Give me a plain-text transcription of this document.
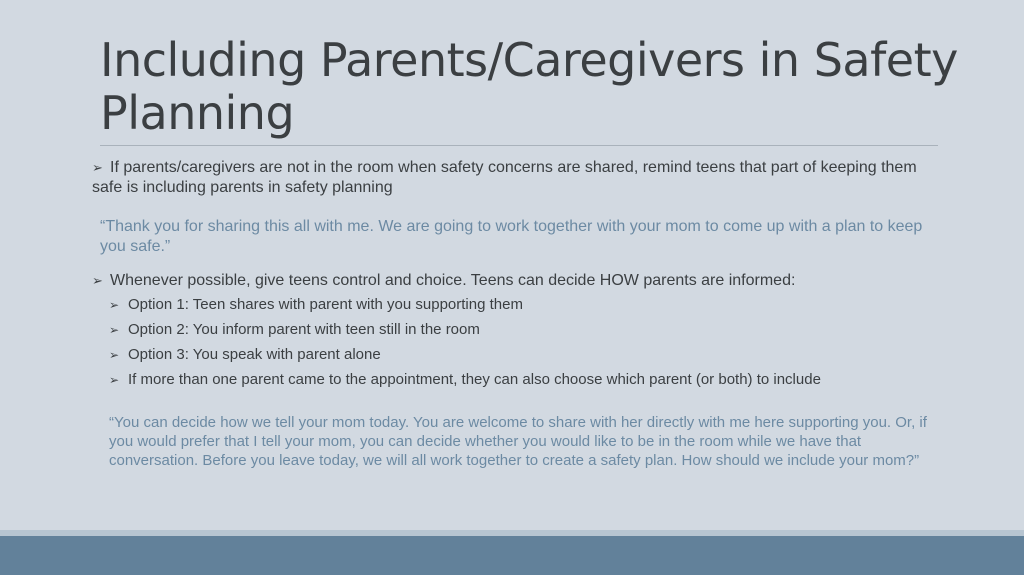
Including Parents/Caregivers in Safety Planning
➢ If parents/caregivers are not in the room when safety concerns are shared, remind teens that part of keeping them safe is including parents in safety planning
“Thank you for sharing this all with me. We are going to work together with your mom to come up with a plan to keep you safe.”
➢ Whenever possible, give teens control and choice. Teens can decide HOW parents are informed:
➢ Option 1: Teen shares with parent with you supporting them
➢ Option 2: You inform parent with teen still in the room
➢ Option 3: You speak with parent alone
➢ If more than one parent came to the appointment, they can also choose which parent (or both) to include
“You can decide how we tell your mom today. You are welcome to share with her directly with me here supporting you. Or, if you would prefer that I tell your mom, you can decide whether you would like to be in the room while we have that conversation. Before you leave today, we will all work together to create a safety plan. How should we include your mom?”
